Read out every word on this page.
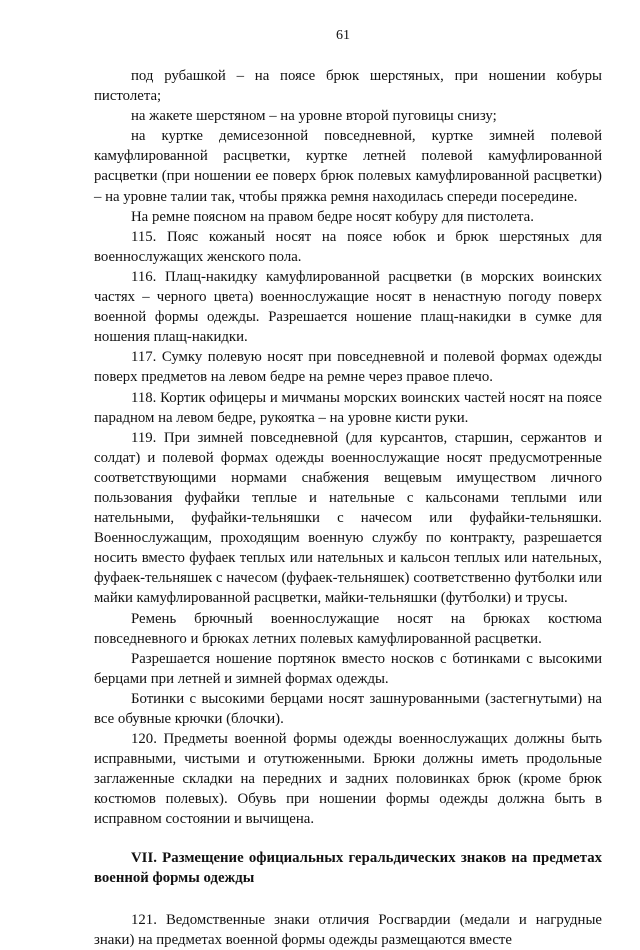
61

под рубашкой – на поясе брюк шерстяных, при ношении кобуры пистолета;

на жакете шерстяном – на уровне второй пуговицы снизу;

на куртке демисезонной повседневной, куртке зимней полевой камуфлированной расцветки, куртке летней полевой камуфлированной расцветки (при ношении ее поверх брюк полевых камуфлированной расцветки) – на уровне талии так, чтобы пряжка ремня находилась спереди посередине.

На ремне поясном на правом бедре носят кобуру для пистолета.

115. Пояс кожаный носят на поясе юбок и брюк шерстяных для военнослужащих женского пола.

116. Плащ-накидку камуфлированной расцветки (в морских воинских частях – черного цвета) военнослужащие носят в ненастную погоду поверх военной формы одежды. Разрешается ношение плащ-накидки в сумке для ношения плащ-накидки.

117. Сумку полевую носят при повседневной и полевой формах одежды поверх предметов на левом бедре на ремне через правое плечо.

118. Кортик офицеры и мичманы морских воинских частей носят на поясе парадном на левом бедре, рукоятка – на уровне кисти руки.

119. При зимней повседневной (для курсантов, старшин, сержантов и солдат) и полевой формах одежды военнослужащие носят предусмотренные соответствующими нормами снабжения вещевым имуществом личного пользования фуфайки теплые и нательные с кальсонами теплыми или нательными, фуфайки-тельняшки с начесом или фуфайки-тельняшки. Военнослужащим, проходящим военную службу по контракту, разрешается носить вместо фуфаек теплых или нательных и кальсон теплых или нательных, фуфаек-тельняшек с начесом (фуфаек-тельняшек) соответственно футболки или майки камуфлированной расцветки, майки-тельняшки (футболки) и трусы.

Ремень брючный военнослужащие носят на брюках костюма повседневного и брюках летних полевых камуфлированной расцветки.

Разрешается ношение портянок вместо носков с ботинками с высокими берцами при летней и зимней формах одежды.

Ботинки с высокими берцами носят зашнурованными (застегнутыми) на все обувные крючки (блочки).

120. Предметы военной формы одежды военнослужащих должны быть исправными, чистыми и отутюженными. Брюки должны иметь продольные заглаженные складки на передних и задних половинках брюк (кроме брюк костюмов полевых). Обувь при ношении формы одежды должна быть в исправном состоянии и вычищена.

VII. Размещение официальных геральдических знаков на предметах военной формы одежды

121. Ведомственные знаки отличия Росгвардии (медали и нагрудные знаки) на предметах военной формы одежды размещаются вместе
